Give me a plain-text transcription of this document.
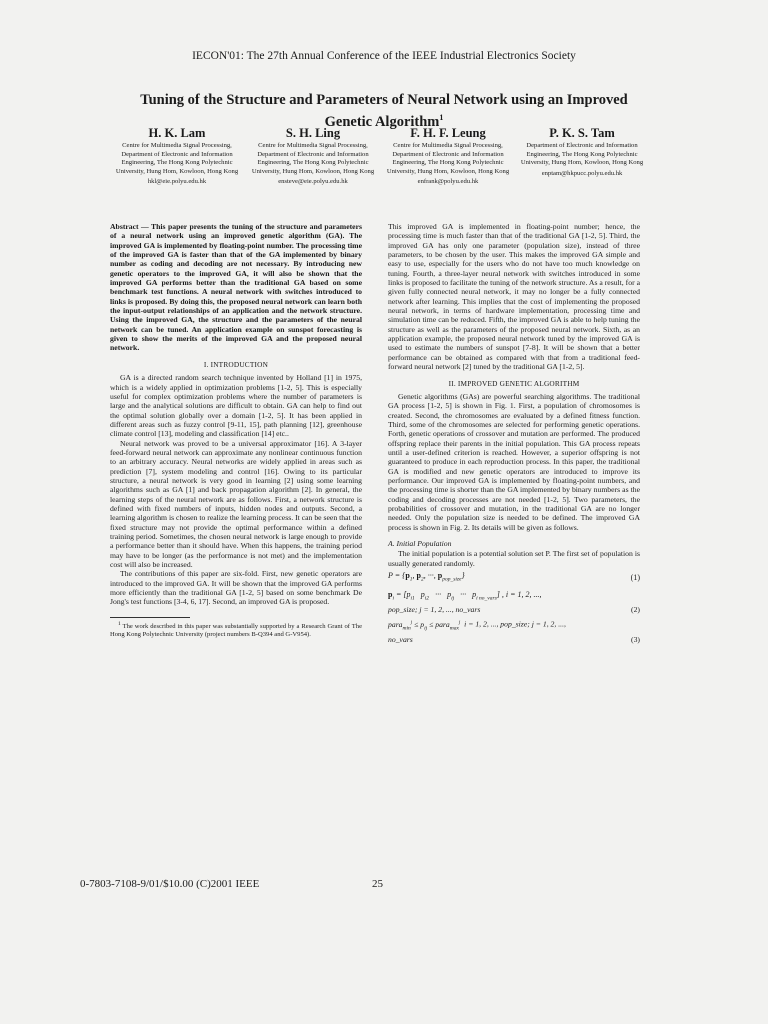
IECON'01: The 27th Annual Conference of the IEEE Industrial Electronics Society
Tuning of the Structure and Parameters of Neural Network using an Improved
Genetic Algorithm$^1$
H. K. Lam
Centre for Multimedia Signal Processing, Department of Electronic and Information Engineering, The Hong Kong Polytechnic University, Hung Hom, Kowloon, Hong Kong
hkl@eie.polyu.edu.hk
S. H. Ling
Centre for Multimedia Signal Processing, Department of Electronic and Information Engineering, The Hong Kong Polytechnic University, Hung Hom, Kowloon, Hong Kong
ensteve@eie.polyu.edu.hk
F. H. F. Leung
Centre for Multimedia Signal Processing, Department of Electronic and Information Engineering, The Hong Kong Polytechnic University, Hung Hom, Kowloon, Hong Kong
enfrank@polyu.edu.hk
P. K. S. Tam
Department of Electronic and Information Engineering, The Hong Kong Polytechnic University, Hung Hom, Kowloon, Hong Kong
enptam@hkpucc.polyu.edu.hk

Abstract — This paper presents the tuning of the structure and parameters of a neural network using an improved genetic algorithm (GA). The improved GA is implemented by floating-point number. The processing time of the improved GA is faster than that of the GA implemented by binary number as coding and decoding are not necessary. By introducing new genetic operators to the improved GA, it will also be shown that the improved GA performs better than the traditional GA based on some benchmark test functions. A neural network with switches introduced to links is proposed. By doing this, the proposed neural network can learn both the input-output relationships of an application and the network structure. Using the improved GA, the structure and the parameters of the neural network can be tuned. An application example on sunspot forecasting is given to show the merits of the improved GA and the proposed neural network.

I. INTRODUCTION

GA is a directed random search technique invented by Holland [1] in 1975, which is a widely applied in optimization problems [1-2, 5]. This is especially useful for complex optimization problems where the number of parameters is large and the analytical solutions are difficult to obtain. GA can help to find out the optimal solution globally over a domain [1-2, 5]. It has been applied in different areas such as fuzzy control [9-11, 15], path planning [12], greenhouse climate control [13], modeling and classification [14] etc..

Neural network was proved to be a universal approximator [16]. A 3-layer feed-forward neural network can approximate any nonlinear continuous function to an arbitrary accuracy. Neural networks are widely applied in areas such as prediction [7], system modeling and control [16]. Owing to its particular structure, a neural network is very good in learning [2] using some learning algorithms such as GA [1] and back propagation algorithm [2]. In general, the learning steps of the neural network are as follows. First, a network structure is defined with fixed numbers of inputs, hidden nodes and outputs. Second, a learning algorithm is chosen to realize the learning process. It can be seen that the fixed structure may not provide the optimal performance within a defined training period. Sometimes, the chosen neural network is large enough to provide a performance better than it should have. When this happens, the training period may have to be longer (as the performance is not met) and the implementation cost will also be increased.

The contributions of this paper are six-fold. First, new genetic operators are introduced to the improved GA. It will be shown that the improved GA performs more efficiently than the traditional GA [1-2, 5] based on some benchmark De Jong's test functions [3-4, 6, 17]. Second, an improved GA is proposed.

$^1$ The work described in this paper was substantially supported by a Research Grant of The Hong Kong Polytechnic University (project numbers B-Q394 and G-V954).

This improved GA is implemented in floating-point number; hence, the processing time is much faster than that of the traditional GA [1-2, 5]. Third, the improved GA has only one parameter (population size), instead of three parameters, to be chosen by the user. This makes the improved GA simple and easy to use, especially for the users who do not have too much knowledge on tuning. Fourth, a three-layer neural network with switches introduced in some links is proposed to facilitate the tuning of the network structure. As a result, for a given fully connected neural network, it may no longer be a fully connected network after learning. This implies that the cost of implementing the proposed neural network, in terms of hardware implementation, processing time and simulation time can be reduced. Fifth, the improved GA is able to help tuning the structure as well as the parameters of the proposed neural network. Sixth, as an application example, the proposed neural network tuned by the improved GA is used to estimate the numbers of sunspot [7-8]. It will be shown that a better performance can be obtained as compared with that from a traditional feed-forward neural network [2] tuned by the traditional GA [1-2, 5].

II. IMPROVED GENETIC ALGORITHM

Genetic algorithms (GAs) are powerful searching algorithms. The traditional GA process [1-2, 5] is shown in Fig. 1. First, a population of chromosomes is created. Second, the chromosomes are evaluated by a defined fitness function. Third, some of the chromosomes are selected for performing genetic operations. Forth, genetic operations of crossover and mutation are performed. The produced offspring replace their parents in the initial population. This GA process repeats until a user-defined criterion is reached. However, a superior offspring is not guaranteed to produce in each reproduction process. In this paper, the traditional GA is modified and new genetic operators are introduced to improve its performance. Our improved GA is implemented by floating-point numbers, and the processing time is shorter than the GA implemented by binary numbers as the coding and decoding processes are not needed [1-2, 5]. Two parameters, the probabilities of crossover and mutation, in the traditional GA are no longer needed. Only the population size is needed to be defined. The improved GA process is shown in Fig. 2. Its details will be given as follows.

A. Initial Population

The initial population is a potential solution set P. The first set of population is usually generated randomly.

$P = \{p_1$, $p_2$, ···, $p_{pop\_size}$}	(1)
$p_i = [p_{i1}$   $p_{i2}$   ···   $p_{ij}$   ···   $p_{i no\_vars}$] , i = 1, 2, ...,
pop_size; j = 1, 2, ..., no_vars	(2)
para$_{min}^j$ ≤ $p_{ij}$ ≤ para$_{max}^j$ i = 1, 2, ..., pop_size; j = 1, 2, ...,
no_vars	(3)
0-7803-7108-9/01/$10.00 (C)2001 IEEE	25
